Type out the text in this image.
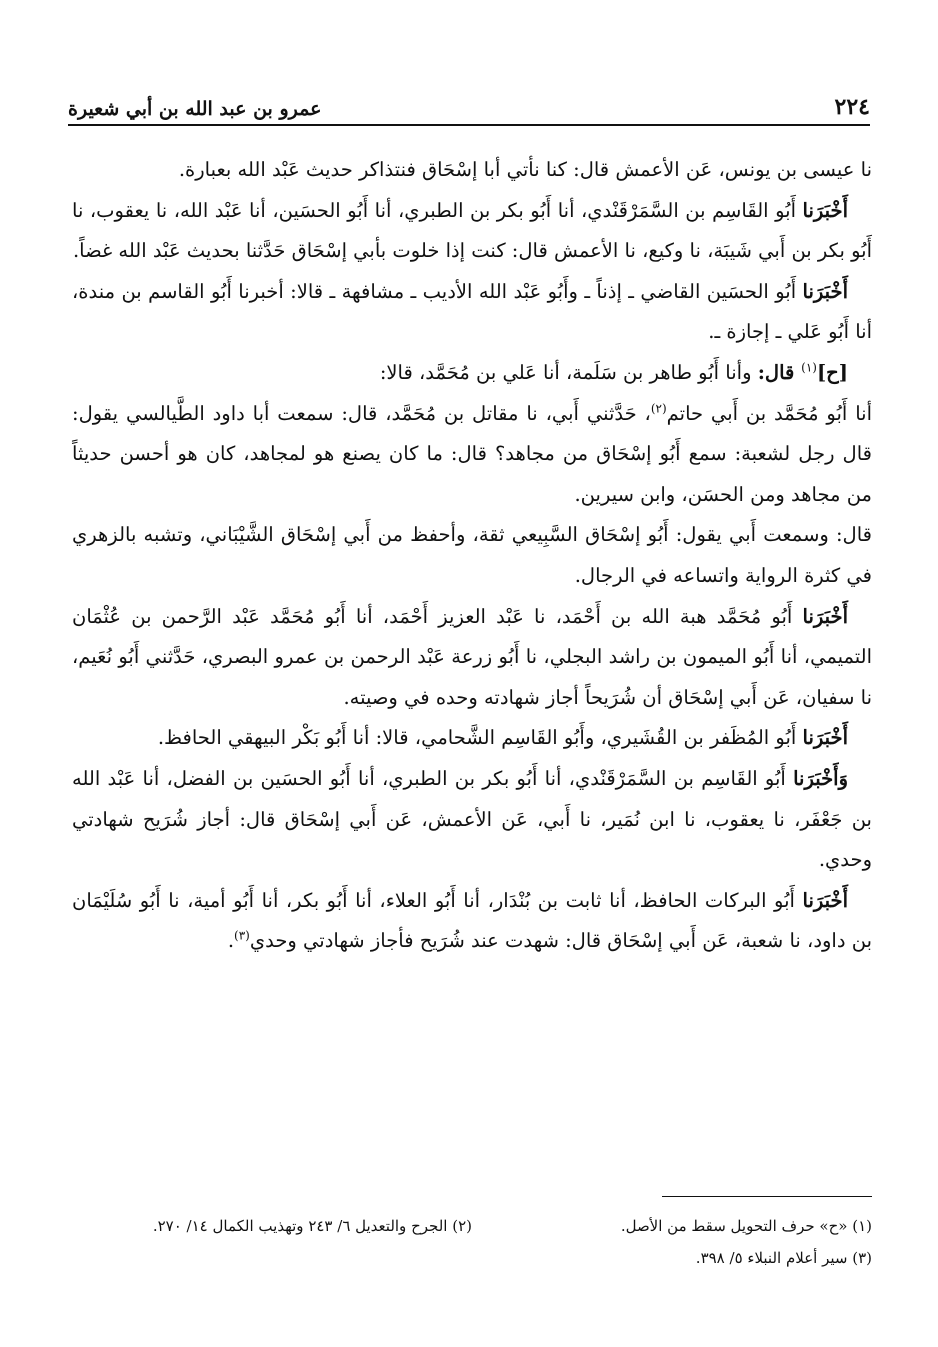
٢٢٤
عمرو بن عبد الله بن أبي شعيرة

نا عيسى بن يونس، عَن الأعمش قال: كنا نأتي أبا إسْحَاق فنتذاكر حديث عَبْد الله بعبارة.

أَخْبَرَنا أَبُو القَاسِم بن السَّمَرْقَنْدي، أنا أَبُو بكر بن الطبري، أنا أَبُو الحسَين، أنا عَبْد الله، نا يعقوب، نا أَبُو بكر بن أَبي شَيبَة، نا وكيع، نا الأعمش قال: كنت إذا خلوت بأبي إسْحَاق حَدَّثنا بحديث عَبْد الله غضاً.

أَخْبَرَنا أَبُو الحسَين القاضي ـ إذناً ـ وأَبُو عَبْد الله الأديب ـ مشافهة ـ قالا: أخبرنا أَبُو القاسم بن مندة، أنا أَبُو عَلي ـ إجازة ـ.

[ح]$^{(١)}$ قال: وأنا أَبُو طاهر بن سَلَمة، أنا عَلي بن مُحَمَّد، قالا:

أنا أَبُو مُحَمَّد بن أَبي حاتم$^{(٢)}$، حَدَّثني أَبي، نا مقاتل بن مُحَمَّد، قال: سمعت أبا داود الطَّيالسي يقول: قال رجل لشعبة: سمع أَبُو إسْحَاق من مجاهد؟ قال: ما كان يصنع هو لمجاهد، كان هو أحسن حديثاً من مجاهد ومن الحسَن، وابن سيرين.

قال: وسمعت أَبي يقول: أَبُو إسْحَاق السَّبِيعي ثقة، وأحفظ من أَبي إسْحَاق الشَّيْبَاني، وتشبه بالزهري في كثرة الرواية واتساعه في الرجال.

أَخْبَرَنا أَبُو مُحَمَّد هبة الله بن أَحْمَد، نا عَبْد العزيز أَحْمَد، أنا أَبُو مُحَمَّد عَبْد الرَّحمن بن عُثْمَان التميمي، أنا أَبُو الميمون بن راشد البجلي، نا أَبُو زرعة عَبْد الرحمن بن عمرو البصري، حَدَّثني أَبُو نُعَيم، نا سفيان، عَن أَبي إسْحَاق أن شُرَيحاً أجاز شهادته وحده في وصيته.

أَخْبَرَنا أَبُو المُظَفر بن القُشَيري، وأَبُو القَاسِم الشَّحامي، قالا: أنا أَبُو بَكْر البيهقي الحافظ.

وَأَخْبَرَنا أَبُو القَاسِم بن السَّمَرْقَنْدي، أنا أَبُو بكر بن الطبري، أنا أَبُو الحسَين بن الفضل، أنا عَبْد الله بن جَعْفَر، نا يعقوب، نا ابن نُمَير، نا أَبي، عَن الأعمش، عَن أَبي إسْحَاق قال: أجاز شُرَيح شهادتي وحدي.

أَخْبَرَنا أَبُو البركات الحافظ، أنا ثابت بن بُنْدَار، أنا أَبُو العلاء، أنا أَبُو بكر، أنا أَبُو أمية، نا أَبُو سُلَيْمَان بن داود، نا شعبة، عَن أَبي إسْحَاق قال: شهدت عند شُرَيح فأجاز شهادتي وحدي$^{(٣)}$.

(١) «ح» حرف التحويل سقط من الأصل.
(٢) الجرح والتعديل ٦/ ٢٤٣ وتهذيب الكمال ١٤/ ٢٧٠.
(٣) سير أعلام النبلاء ٥/ ٣٩٨.
